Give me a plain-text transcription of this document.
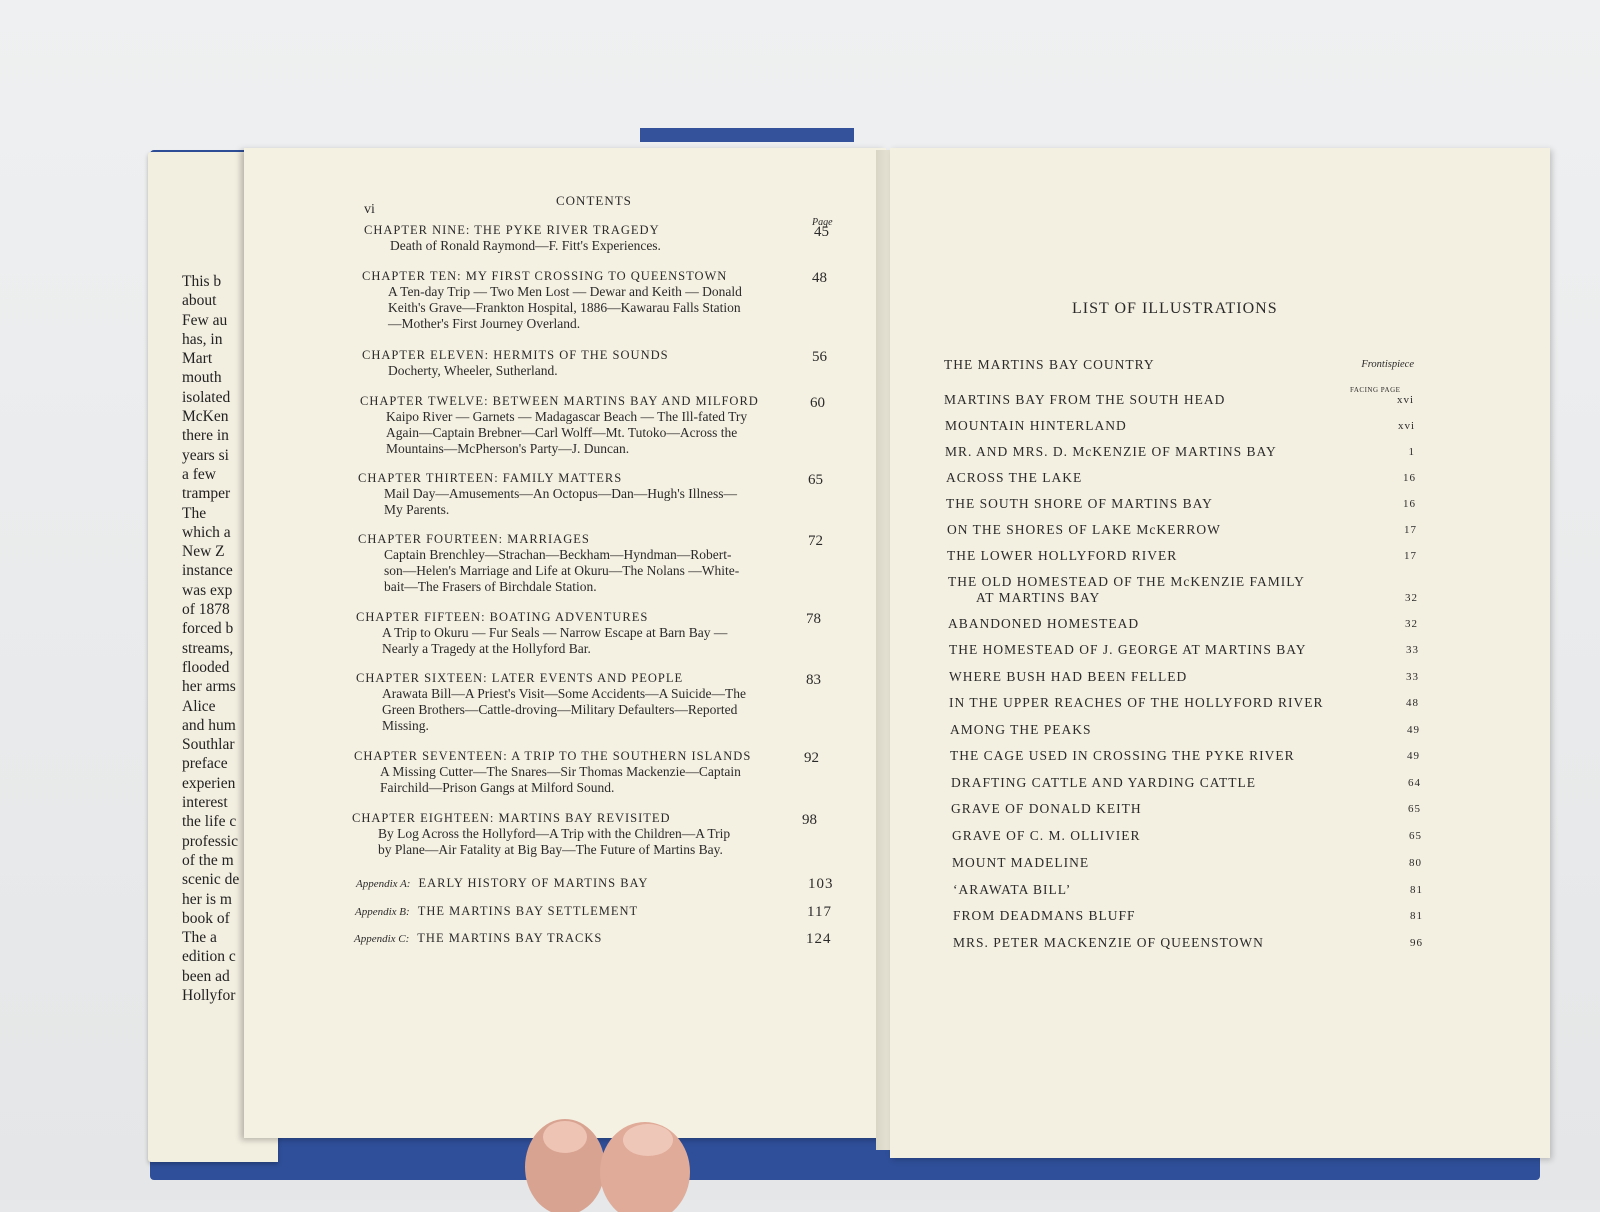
This b
about
Few au
has, in
Mart
mouth
isolated
McKen
there in
years si
a few
tramper
The
which a
New Z
instance
was exp
of 1878
forced b
streams,
flooded
her arms
Alice
and hum
Southlar
preface
experien
interest
the life c
professic
of the m
scenic de
her is m
book of
The a
edition c
been ad
Hollyfor
vi
CONTENTS
Page
CHAPTER NINE: THE PYKE RIVER TRAGEDY
Death of Ronald Raymond—F. Fitt's Experiences.
45
CHAPTER TEN: MY FIRST CROSSING TO QUEENSTOWN
A Ten-day Trip — Two Men Lost — Dewar and Keith — Donald
Keith's Grave—Frankton Hospital, 1886—Kawarau Falls Station
—Mother's First Journey Overland.
48
CHAPTER ELEVEN: HERMITS OF THE SOUNDS
Docherty, Wheeler, Sutherland.
56
CHAPTER TWELVE: BETWEEN MARTINS BAY AND MILFORD
Kaipo River — Garnets — Madagascar Beach — The Ill-fated Try
Again—Captain Brebner—Carl Wolff—Mt. Tutoko—Across the
Mountains—McPherson's Party—J. Duncan.
60
CHAPTER THIRTEEN: FAMILY MATTERS
Mail Day—Amusements—An Octopus—Dan—Hugh's Illness—
My Parents.
65
CHAPTER FOURTEEN: MARRIAGES
Captain Brenchley—Strachan—Beckham—Hyndman—Robert-
son—Helen's Marriage and Life at Okuru—The Nolans —White-
bait—The Frasers of Birchdale Station.
72
CHAPTER FIFTEEN: BOATING ADVENTURES
A Trip to Okuru — Fur Seals — Narrow Escape at Barn Bay —
Nearly a Tragedy at the Hollyford Bar.
78
CHAPTER SIXTEEN: LATER EVENTS AND PEOPLE
Arawata Bill—A Priest's Visit—Some Accidents—A Suicide—The
Green Brothers—Cattle-droving—Military Defaulters—Reported
Missing.
83
CHAPTER SEVENTEEN: A TRIP TO THE SOUTHERN ISLANDS
A Missing Cutter—The Snares—Sir Thomas Mackenzie—Captain
Fairchild—Prison Gangs at Milford Sound.
92
CHAPTER EIGHTEEN: MARTINS BAY REVISITED
By Log Across the Hollyford—A Trip with the Children—A Trip
by Plane—Air Fatality at Big Bay—The Future of Martins Bay.
98
Appendix A: EARLY HISTORY OF MARTINS BAY	103
Appendix B: THE MARTINS BAY SETTLEMENT	117
Appendix C: THE MARTINS BAY TRACKS	124
LIST OF ILLUSTRATIONS
FACING PAGE
THE MARTINS BAY COUNTRY	Frontispiece
MARTINS BAY FROM THE SOUTH HEAD	xvi
MOUNTAIN HINTERLAND	xvi
MR. AND MRS. D. McKENZIE OF MARTINS BAY	1
ACROSS THE LAKE	16
THE SOUTH SHORE OF MARTINS BAY	16
ON THE SHORES OF LAKE McKERROW	17
THE LOWER HOLLYFORD RIVER	17
THE OLD HOMESTEAD OF THE McKENZIE FAMILY
AT MARTINS BAY	32
ABANDONED HOMESTEAD	32
THE HOMESTEAD OF J. GEORGE AT MARTINS BAY	33
WHERE BUSH HAD BEEN FELLED	33
IN THE UPPER REACHES OF THE HOLLYFORD RIVER	48
AMONG THE PEAKS	49
THE CAGE USED IN CROSSING THE PYKE RIVER	49
DRAFTING CATTLE AND YARDING CATTLE	64
GRAVE OF DONALD KEITH	65
GRAVE OF C. M. OLLIVIER	65
MOUNT MADELINE	80
‘ARAWATA BILL’	81
FROM DEADMANS BLUFF	81
MRS. PETER MACKENZIE OF QUEENSTOWN	96
